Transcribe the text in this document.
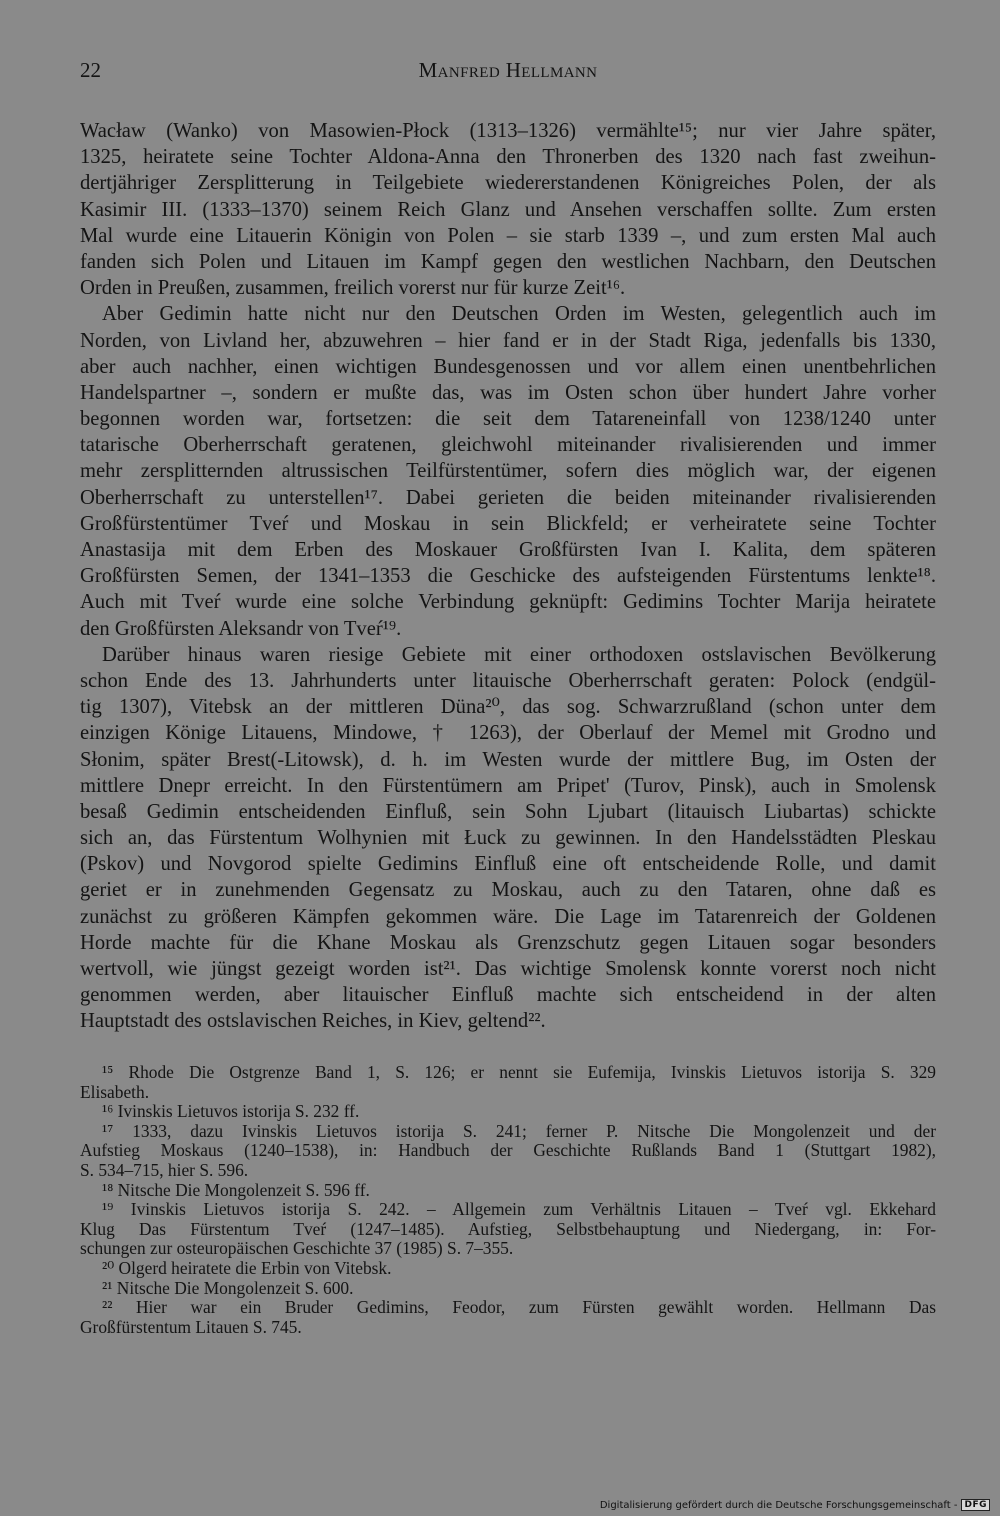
22	Manfred Hellmann
Wacław (Wanko) von Masowien-Płock (1313–1326) vermählte¹⁵; nur vier Jahre später,
1325, heiratete seine Tochter Aldona-Anna den Thronerben des 1320 nach fast zweihun-
dertjähriger Zersplitterung in Teilgebiete wiedererstandenen Königreiches Polen, der als
Kasimir III. (1333–1370) seinem Reich Glanz und Ansehen verschaffen sollte. Zum ersten
Mal wurde eine Litauerin Königin von Polen – sie starb 1339 –, und zum ersten Mal auch
fanden sich Polen und Litauen im Kampf gegen den westlichen Nachbarn, den Deutschen
Orden in Preußen, zusammen, freilich vorerst nur für kurze Zeit¹⁶.
Aber Gedimin hatte nicht nur den Deutschen Orden im Westen, gelegentlich auch im
Norden, von Livland her, abzuwehren – hier fand er in der Stadt Riga, jedenfalls bis 1330,
aber auch nachher, einen wichtigen Bundesgenossen und vor allem einen unentbehrlichen
Handelspartner –, sondern er mußte das, was im Osten schon über hundert Jahre vorher
begonnen worden war, fortsetzen: die seit dem Tatareneinfall von 1238/1240 unter
tatarische Oberherrschaft geratenen, gleichwohl miteinander rivalisierenden und immer
mehr zersplitternden altrussischen Teilfürstentümer, sofern dies möglich war, der eigenen
Oberherrschaft zu unterstellen¹⁷. Dabei gerieten die beiden miteinander rivalisierenden
Großfürstentümer Tveŕ und Moskau in sein Blickfeld; er verheiratete seine Tochter
Anastasija mit dem Erben des Moskauer Großfürsten Ivan I. Kalita, dem späteren
Großfürsten Semen, der 1341–1353 die Geschicke des aufsteigenden Fürstentums lenkte¹⁸.
Auch mit Tveŕ wurde eine solche Verbindung geknüpft: Gedimins Tochter Marija heiratete
den Großfürsten Aleksandr von Tveŕ¹⁹.
Darüber hinaus waren riesige Gebiete mit einer orthodoxen ostslavischen Bevölkerung
schon Ende des 13. Jahrhunderts unter litauische Oberherrschaft geraten: Polock (endgül-
tig 1307), Vitebsk an der mittleren Düna²⁰, das sog. Schwarzrußland (schon unter dem
einzigen Könige Litauens, Mindowe, † 1263), der Oberlauf der Memel mit Grodno und
Słonim, später Brest(-Litowsk), d. h. im Westen wurde der mittlere Bug, im Osten der
mittlere Dnepr erreicht. In den Fürstentümern am Pripet' (Turov, Pinsk), auch in Smolensk
besaß Gedimin entscheidenden Einfluß, sein Sohn Ljubart (litauisch Liubartas) schickte
sich an, das Fürstentum Wolhynien mit Łuck zu gewinnen. In den Handelsstädten Pleskau
(Pskov) und Novgorod spielte Gedimins Einfluß eine oft entscheidende Rolle, und damit
geriet er in zunehmenden Gegensatz zu Moskau, auch zu den Tataren, ohne daß es
zunächst zu größeren Kämpfen gekommen wäre. Die Lage im Tatarenreich der Goldenen
Horde machte für die Khane Moskau als Grenzschutz gegen Litauen sogar besonders
wertvoll, wie jüngst gezeigt worden ist²¹. Das wichtige Smolensk konnte vorerst noch nicht
genommen werden, aber litauischer Einfluß machte sich entscheidend in der alten
Hauptstadt des ostslavischen Reiches, in Kiev, geltend²².
¹⁵ Rhode Die Ostgrenze Band 1, S. 126; er nennt sie Eufemija, Ivinskis Lietuvos istorija S. 329
Elisabeth.
¹⁶ Ivinskis Lietuvos istorija S. 232 ff.
¹⁷ 1333, dazu Ivinskis Lietuvos istorija S. 241; ferner P. Nitsche Die Mongolenzeit und der
Aufstieg Moskaus (1240–1538), in: Handbuch der Geschichte Rußlands Band 1 (Stuttgart 1982),
S. 534–715, hier S. 596.
¹⁸ Nitsche Die Mongolenzeit S. 596 ff.
¹⁹ Ivinskis Lietuvos istorija S. 242. – Allgemein zum Verhältnis Litauen – Tveŕ vgl. Ekkehard
Klug Das Fürstentum Tveŕ (1247–1485). Aufstieg, Selbstbehauptung und Niedergang, in: For-
schungen zur osteuropäischen Geschichte 37 (1985) S. 7–355.
²⁰ Olgerd heiratete die Erbin von Vitebsk.
²¹ Nitsche Die Mongolenzeit S. 600.
²² Hier war ein Bruder Gedimins, Feodor, zum Fürsten gewählt worden. Hellmann Das
Großfürstentum Litauen S. 745.
Digitalisierung gefördert durch die Deutsche Forschungsgemeinschaft - DFG
